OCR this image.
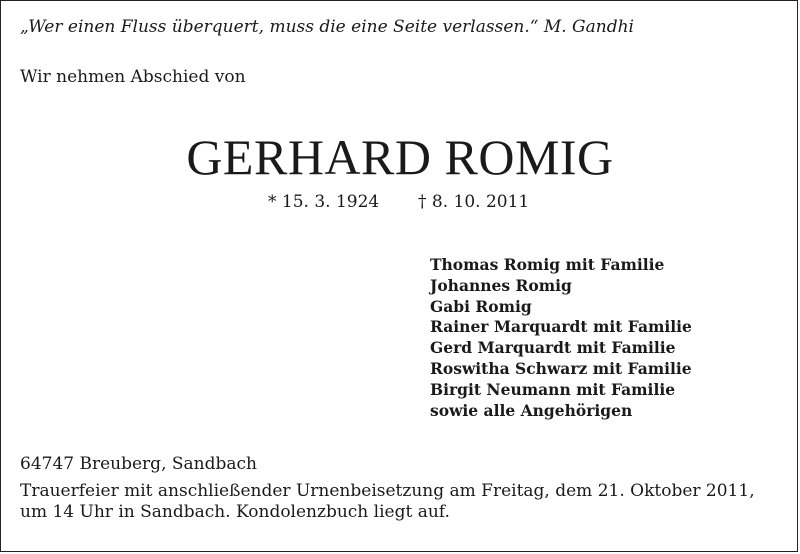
„Wer einen Fluss überquert, muss die eine Seite verlassen.“ M. Gandhi
Wir nehmen Abschied von
GERHARD ROMIG
* 15. 3. 1924 † 8. 10. 2011
Thomas Romig mit Familie
Johannes Romig
Gabi Romig
Rainer Marquardt mit Familie
Gerd Marquardt mit Familie
Roswitha Schwarz mit Familie
Birgit Neumann mit Familie
sowie alle Angehörigen
64747 Breuberg, Sandbach
Trauerfeier mit anschließender Urnenbeisetzung am Freitag, dem 21. Oktober 2011,
um 14 Uhr in Sandbach. Kondolenzbuch liegt auf.
